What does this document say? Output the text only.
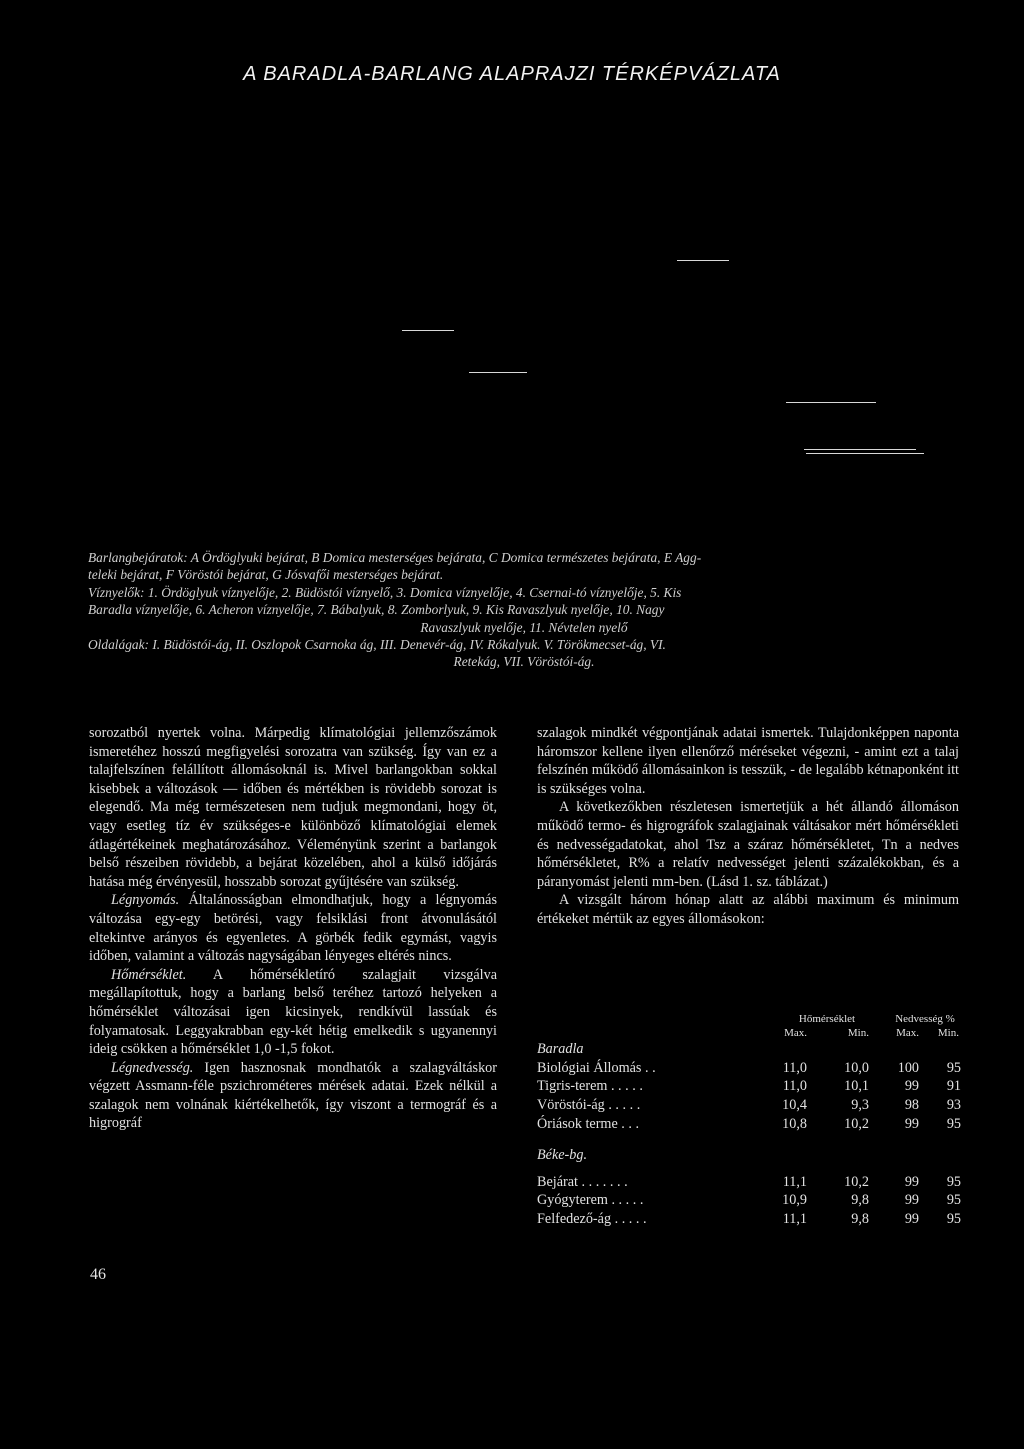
A BARADLA-BARLANG ALAPRAJZI TÉRKÉPVÁZLATA

Barlangbejáratok: A Ördöglyuki bejárat, B Domica mesterséges bejárata, C Domica természetes bejárata, E Agg-

teleki bejárat, F Vöröstói bejárat, G Jósvafői mesterséges bejárat.

Víznyelők: 1. Ördöglyuk víznyelője, 2. Büdöstói víznyelő, 3. Domica víznyelője, 4. Csernai-tó víznyelője, 5. Kis

Baradla víznyelője, 6. Acheron víznyelője, 7. Bábalyuk, 8. Zomborlyuk, 9. Kis Ravaszlyuk nyelője, 10. Nagy

Ravaszlyuk nyelője, 11. Névtelen nyelő

Oldalágak: I. Büdöstói-ág, II. Oszlopok Csarnoka ág, III. Denevér-ág, IV. Rókalyuk. V. Törökmecset-ág, VI.

Retekág, VII. Vöröstói-ág.

sorozatból nyertek volna. Márpedig klímatológiai jellemzőszámok ismeretéhez hosszú megfigyelési sorozatra van szükség. Így van ez a talajfelszínen felállított állomásoknál is. Mivel barlangokban sokkal kisebbek a változások — időben és mértékben is rövidebb sorozat is elegendő. Ma még természetesen nem tudjuk megmondani, hogy öt, vagy esetleg tíz év szükséges-e különböző klímatológiai elemek átlagértékeinek meghatározásához. Véleményünk szerint a barlangok belső részeiben rövidebb, a bejárat közelében, ahol a külső időjárás hatása még érvényesül, hosszabb sorozat gyűjtésére van szükség.

Légnyomás. Általánosságban elmondhatjuk, hogy a légnyomás változása egy-egy betörési, vagy felsiklási front átvonulásától eltekintve arányos és egyenletes. A görbék fedik egymást, vagyis időben, valamint a változás nagyságában lényeges eltérés nincs.

Hőmérséklet. A hőmérsékletíró szalagjait vizsgálva megállapítottuk, hogy a barlang belső teréhez tartozó helyeken a hőmérséklet változásai igen kicsinyek, rendkívül lassúak és folyamatosak. Leggyakrabban egy-két hétig emelkedik s ugyanennyi ideig csökken a hőmérséklet 1,0 -1,5 fokot.

Légnedvesség. Igen hasznosnak mondhatók a szalagváltáskor végzett Assmann-féle pszichrométeres mérések adatai. Ezek nélkül a szalagok nem volnának kiértékelhetők, így viszont a termográf és a higrográf

szalagok mindkét végpontjának adatai ismertek. Tulajdonképpen naponta háromszor kellene ilyen ellenőrző méréseket végezni, - amint ezt a talaj felszínén működő állomásainkon is tesszük, - de legalább kétnaponként itt is szükséges volna.

A következőkben részletesen ismertetjük a hét állandó állomáson működő termo- és higrográfok szalagjainak váltásakor mért hőmérsékleti és nedvességadatokat, ahol Tsz a száraz hőmérsékletet, Tn a nedves hőmérsékletet, R% a relatív nedvességet jelenti százalékokban, és a páranyomást jelenti mm-ben. (Lásd 1. sz. táblázat.)

A vizsgált három hónap alatt az alábbi maximum és minimum értékeket mértük az egyes állomásokon:

	Hőmérséklet		Nedvesség %	
	Max.	Min.	Max.	Min.
Baradla				
Biológiai Állomás . .	11,0	10,0	100	95
Tigris-terem . . . . .	11,0	10,1	99	91
Vöröstói-ág . . . . .	10,4	9,3	98	93
Óriások terme . . .	10,8	10,2	99	95

Béke-bg.				

Bejárat . . . . . . .	11,1	10,2	99	95
Gyógyterem . . . . .	10,9	9,8	99	95
Felfedező-ág . . . . .	11,1	9,8	99	95
46
